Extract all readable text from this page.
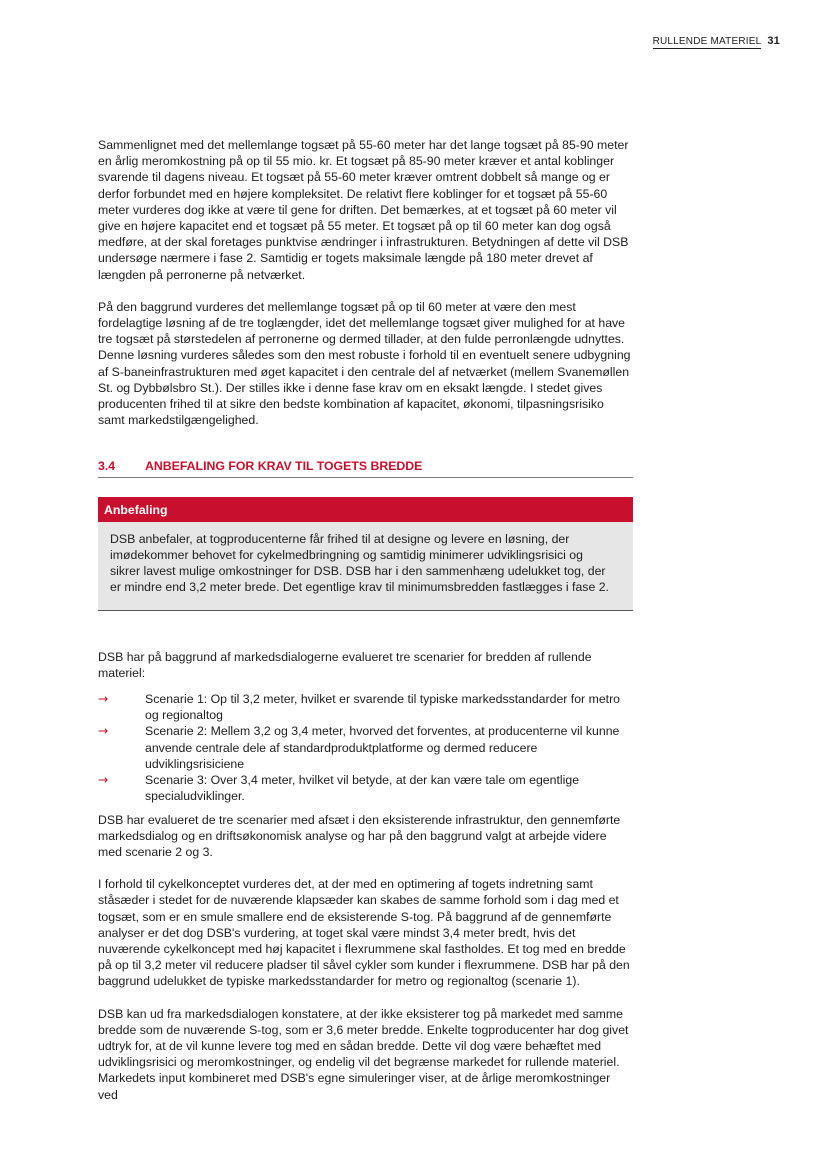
RULLENDE MATERIEL 31

Sammenlignet med det mellemlange togsæt på 55-60 meter har det lange togsæt på 85-90 meter en årlig meromkostning på op til 55 mio. kr. Et togsæt på 85-90 meter kræver et antal koblinger svarende til dagens niveau. Et togsæt på 55-60 meter kræver omtrent dobbelt så mange og er derfor forbundet med en højere kompleksitet. De relativt flere koblinger for et togsæt på 55-60 meter vurderes dog ikke at være til gene for driften. Det bemærkes, at et togsæt på 60 meter vil give en højere kapacitet end et togsæt på 55 meter. Et togsæt på op til 60 meter kan dog også medføre, at der skal foretages punktvise ændringer i infrastrukturen. Betydningen af dette vil DSB undersøge nærmere i fase 2. Samtidig er togets maksimale længde på 180 meter drevet af længden på perronerne på netværket.

På den baggrund vurderes det mellemlange togsæt på op til 60 meter at være den mest fordelagtige løsning af de tre toglængder, idet det mellemlange togsæt giver mulighed for at have tre togsæt på størstedelen af perronerne og dermed tillader, at den fulde perronlængde udnyttes. Denne løsning vurderes således som den mest robuste i forhold til en eventuelt senere udbygning af S-baneinfrastrukturen med øget kapacitet i den centrale del af netværket (mellem Svanemøllen St. og Dybbølsbro St.). Der stilles ikke i denne fase krav om en eksakt længde. I stedet gives producenten frihed til at sikre den bedste kombination af kapacitet, økonomi, tilpasningsrisiko samt markedstilgængelighed.

3.4	ANBEFALING FOR KRAV TIL TOGETS BREDDE
Anbefaling
DSB anbefaler, at togproducenterne får frihed til at designe og levere en løsning, der imødekommer behovet for cykelmedbringning og samtidig minimerer udviklingsrisici og sikrer lavest mulige omkostninger for DSB. DSB har i den sammenhæng udelukket tog, der er mindre end 3,2 meter brede. Det egentlige krav til minimumsbredden fastlægges i fase 2.

DSB har på baggrund af markedsdialogerne evalueret tre scenarier for bredden af rullende materiel:

→	Scenarie 1: Op til 3,2 meter, hvilket er svarende til typiske markedsstandarder for metro og regionaltog
→	Scenarie 2: Mellem 3,2 og 3,4 meter, hvorved det forventes, at producenterne vil kunne anvende centrale dele af standardproduktplatforme og dermed reducere udviklingsrisiciene
→	Scenarie 3: Over 3,4 meter, hvilket vil betyde, at der kan være tale om egentlige specialudviklinger.

DSB har evalueret de tre scenarier med afsæt i den eksisterende infrastruktur, den gennemførte markedsdialog og en driftsøkonomisk analyse og har på den baggrund valgt at arbejde videre med scenarie 2 og 3.

I forhold til cykelkonceptet vurderes det, at der med en optimering af togets indretning samt ståsæder i stedet for de nuværende klapsæder kan skabes de samme forhold som i dag med et togsæt, som er en smule smallere end de eksisterende S-tog. På baggrund af de gennemførte analyser er det dog DSB's vurdering, at toget skal være mindst 3,4 meter bredt, hvis det nuværende cykelkoncept med høj kapacitet i flexrummene skal fastholdes. Et tog med en bredde på op til 3,2 meter vil reducere pladser til såvel cykler som kunder i flexrummene. DSB har på den baggrund udelukket de typiske markedsstandarder for metro og regionaltog (scenarie 1).

DSB kan ud fra markedsdialogen konstatere, at der ikke eksisterer tog på markedet med samme bredde som de nuværende S-tog, som er 3,6 meter bredde. Enkelte togproducenter har dog givet udtryk for, at de vil kunne levere tog med en sådan bredde. Dette vil dog være behæftet med udviklingsrisici og meromkostninger, og endelig vil det begrænse markedet for rullende materiel. Markedets input kombineret med DSB's egne simuleringer viser, at de årlige meromkostninger ved
